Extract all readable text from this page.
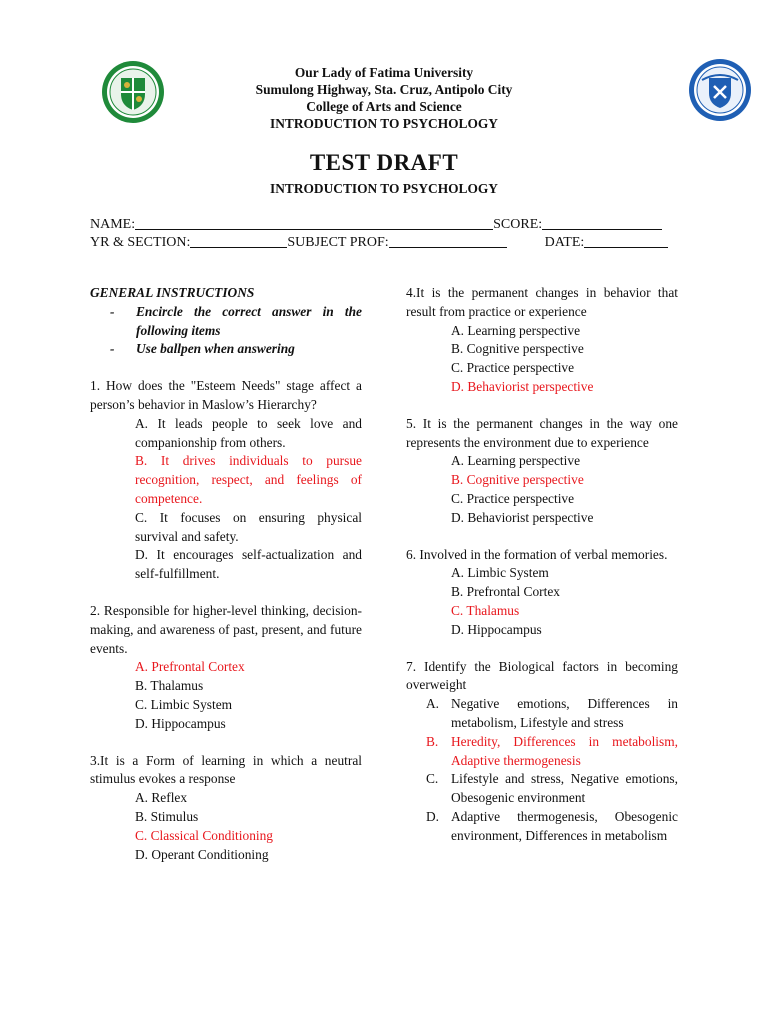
Our Lady of Fatima University
Sumulong Highway, Sta. Cruz, Antipolo City
College of Arts and Science
INTRODUCTION TO PSYCHOLOGY
TEST DRAFT
INTRODUCTION TO PSYCHOLOGY
NAME:	SCORE:
YR & SECTION:	SUBJECT PROF:	DATE:
GENERAL INSTRUCTIONS
-	Encircle the correct answer in the following items
-	Use ballpen when answering
1. How does the "Esteem Needs" stage affect a person’s behavior in Maslow’s Hierarchy?
A. It leads people to seek love and companionship from others.
B. It drives individuals to pursue recognition, respect, and feelings of competence.
C. It focuses on ensuring physical survival and safety.
D. It encourages self-actualization and self-fulfillment.
2. Responsible for higher-level thinking, decision-making, and awareness of past, present, and future events.
A. Prefrontal Cortex
B. Thalamus
C. Limbic System
D. Hippocampus
3.It is a Form of learning in which a neutral stimulus evokes a response
A. Reflex
B. Stimulus
C. Classical Conditioning
D. Operant Conditioning
4.It is the permanent changes in behavior that result from practice or experience
A. Learning perspective
B. Cognitive perspective
C. Practice perspective
D. Behaviorist perspective
5. It is the permanent changes in the way one represents the environment due to experience
A. Learning perspective
B. Cognitive perspective
C. Practice perspective
D. Behaviorist perspective
6. Involved in the formation of verbal memories.
A. Limbic System
B. Prefrontal Cortex
C. Thalamus
D. Hippocampus
7. Identify the Biological factors in becoming overweight
A. Negative emotions, Differences in metabolism, Lifestyle and stress
B. Heredity, Differences in metabolism, Adaptive thermogenesis
C. Lifestyle and stress, Negative emotions, Obesogenic environment
D. Adaptive thermogenesis, Obesogenic environment, Differences in metabolism
